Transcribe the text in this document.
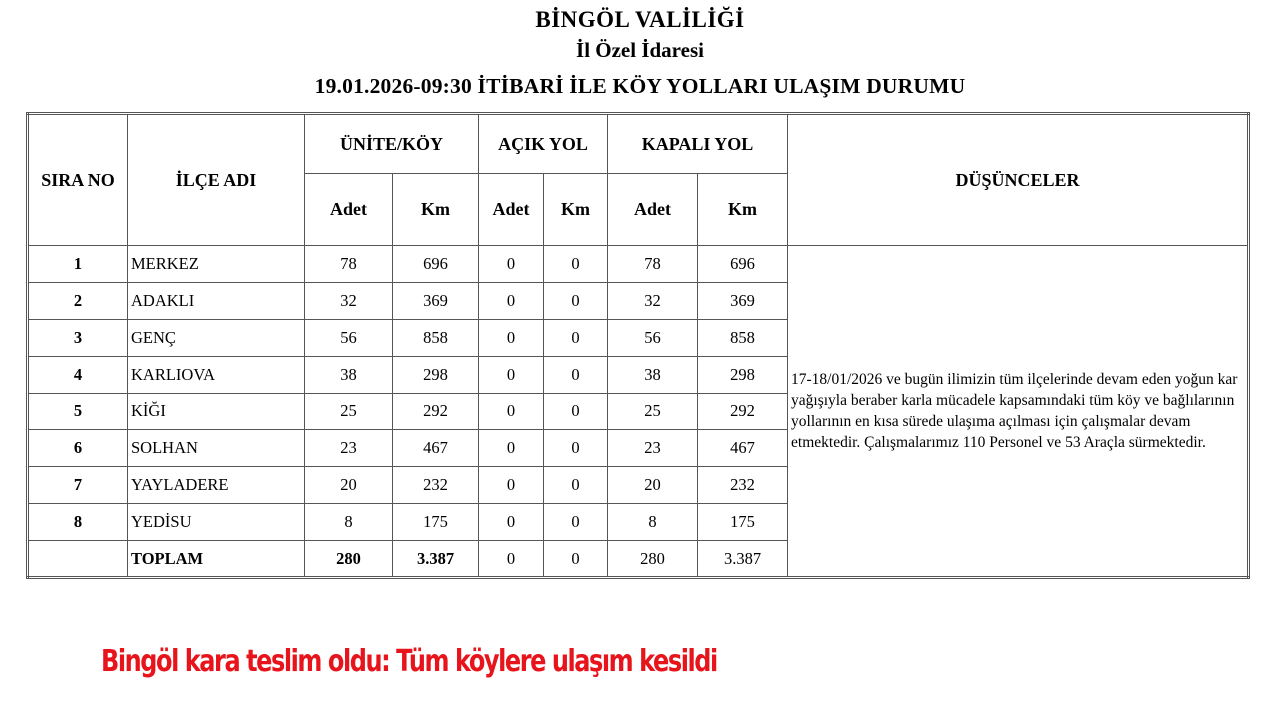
BİNGÖL VALİLİĞİ
İl Özel İdaresi
19.01.2026-09:30 İTİBARİ İLE KÖY YOLLARI ULAŞIM DURUMU
SIRA NO	İLÇE ADI	ÜNİTE/KÖY		AÇIK YOL		KAPALI YOL		DÜŞÜNCELER
		Adet	Km	Adet	Km	Adet	Km	
1	MERKEZ	78	696	0	0	78	696	17-18/01/2026 ve bugün ilimizin tüm ilçelerinde devam eden yoğun kar yağışıyla beraber karla mücadele kapsamındaki tüm köy ve bağlılarının yollarının en kısa sürede ulaşıma açılması için çalışmalar devam etmektedir. Çalışmalarımız 110 Personel ve 53 Araçla sürmektedir.
2	ADAKLI	32	369	0	0	32	369	
3	GENÇ	56	858	0	0	56	858	
4	KARLIOVA	38	298	0	0	38	298	
5	KİĞI	25	292	0	0	25	292	
6	SOLHAN	23	467	0	0	23	467	
7	YAYLADERE	20	232	0	0	20	232	
8	YEDİSU	8	175	0	0	8	175	
	TOPLAM	280	3.387	0	0	280	3.387	
Bingöl kara teslim oldu: Tüm köylere ulaşım kesildi
